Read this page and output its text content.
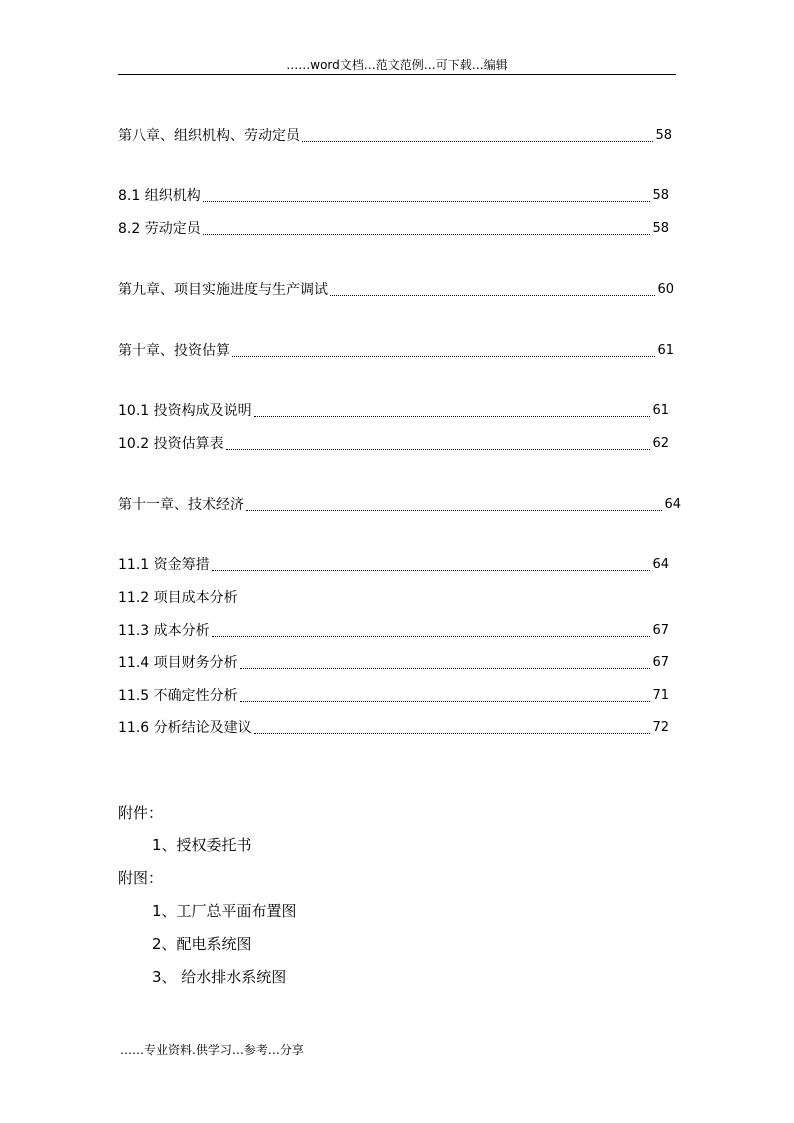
……word文档…范文范例…可下载…编辑
第八章、组织机构、劳动定员	58
8.1 组织机构	58
8.2 劳动定员	58
第九章、项目实施进度与生产调试	60
第十章、投资估算	61
10.1 投资构成及说明	61
10.2 投资估算表	62
第十一章、技术经济	64
11.1 资金筹措	64
11.2 项目成本分析
11.3 成本分析	67
11.4 项目财务分析	67
11.5 不确定性分析	71
11.6 分析结论及建议	72
附件：
1、授权委托书
附图：
1、工厂总平面布置图
2、配电系统图
3、 给水排水系统图
……专业资料.供学习…参考…分享
